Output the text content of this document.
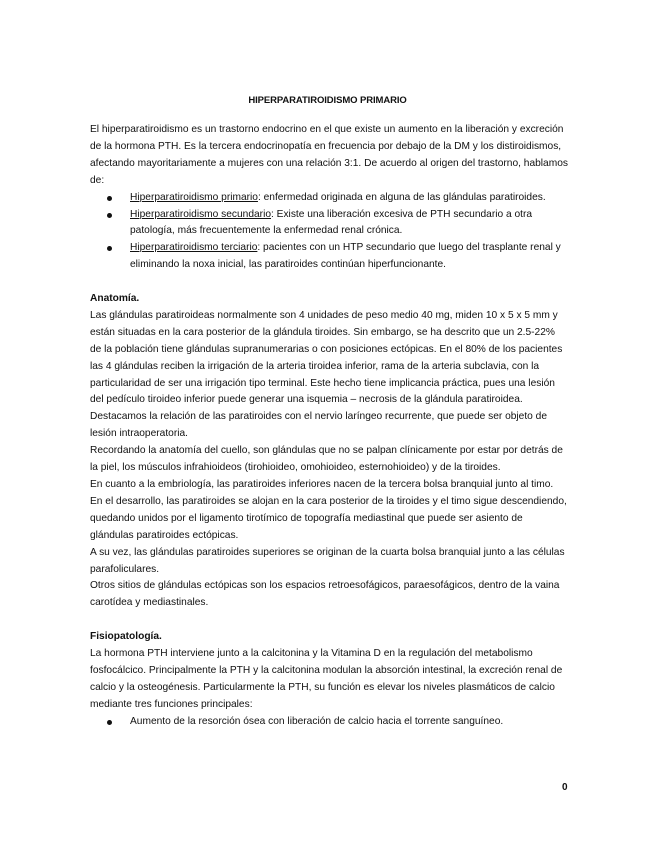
HIPERPARATIROIDISMO PRIMARIO

El hiperparatiroidismo es un trastorno endocrino en el que existe un aumento en la liberación y excreción de la hormona PTH. Es la tercera endocrinopatía en frecuencia por debajo de la DM y los distiroidismos, afectando mayoritariamente a mujeres con una relación 3:1. De acuerdo al origen del trastorno, hablamos de:

Hiperparatiroidismo primario: enfermedad originada en alguna de las glándulas paratiroides.
Hiperparatiroidismo secundario: Existe una liberación excesiva de PTH secundario a otra patología, más frecuentemente la enfermedad renal crónica.
Hiperparatiroidismo terciario: pacientes con un HTP secundario que luego del trasplante renal y eliminando la noxa inicial, las paratiroides continúan hiperfuncionante.
Anatomía.

Las glándulas paratiroideas normalmente son 4 unidades de peso medio 40 mg, miden 10 x 5 x 5 mm y están situadas en la cara posterior de la glándula tiroides. Sin embargo, se ha descrito que un 2.5-22% de la población tiene glándulas supranumerarias o con posiciones ectópicas. En el 80% de los pacientes las 4 glándulas reciben la irrigación de la arteria tiroidea inferior, rama de la arteria subclavia, con la particularidad de ser una irrigación tipo terminal. Este hecho tiene implicancia práctica, pues una lesión del pedículo tiroideo inferior puede generar una isquemia – necrosis de la glándula paratiroidea. Destacamos la relación de las paratiroides con el nervio laríngeo recurrente, que puede ser objeto de lesión intraoperatoria.

Recordando la anatomía del cuello, son glándulas que no se palpan clínicamente por estar por detrás de la piel, los músculos infrahioideos (tirohioideo, omohioideo, esternohioideo) y de la tiroides.

En cuanto a la embriología, las paratiroides inferiores nacen de la tercera bolsa branquial junto al timo. En el desarrollo, las paratiroides se alojan en la cara posterior de la tiroides y el timo sigue descendiendo, quedando unidos por el ligamento tirotímico de topografía mediastinal que puede ser asiento de glándulas paratiroides ectópicas.

A su vez, las glándulas paratiroides superiores se originan de la cuarta bolsa branquial junto a las células parafoliculares.

Otros sitios de glándulas ectópicas son los espacios retroesofágicos, paraesofágicos, dentro de la vaina carotídea y mediastinales.

Fisiopatología.

La hormona PTH interviene junto a la calcitonina y la Vitamina D en la regulación del metabolismo fosfocálcico. Principalmente la PTH y la calcitonina modulan la absorción intestinal, la excreción renal de calcio y la osteogénesis. Particularmente la PTH, su función es elevar los niveles plasmáticos de calcio mediante tres funciones principales:

Aumento de la resorción ósea con liberación de calcio hacia el torrente sanguíneo.
0
